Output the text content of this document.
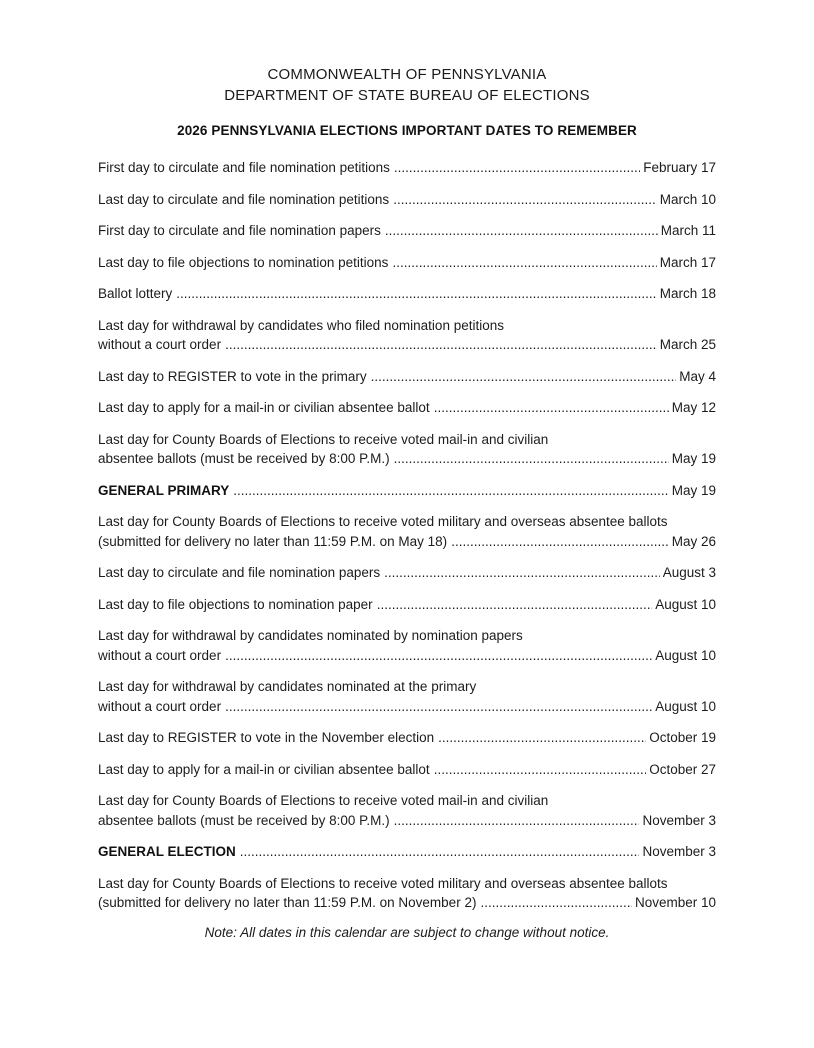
COMMONWEALTH OF PENNSYLVANIA
DEPARTMENT OF STATE BUREAU OF ELECTIONS
2026 PENNSYLVANIA ELECTIONS IMPORTANT DATES TO REMEMBER
First day to circulate and file nomination petitions .....	February 17
Last day to circulate and file nomination petitions .....	March 10
First day to circulate and file nomination papers .....	March 11
Last day to file objections to nomination petitions .....	March 17
Ballot lottery .....	March 18
Last day for withdrawal by candidates who filed nomination petitions
without a court order .....	March 25
Last day to REGISTER to vote in the primary .....	May 4
Last day to apply for a mail-in or civilian absentee ballot .....	May 12
Last day for County Boards of Elections to receive voted mail-in and civilian
absentee ballots (must be received by 8:00 P.M.) .....	May 19
GENERAL PRIMARY .....	May 19
Last day for County Boards of Elections to receive voted military and overseas absentee ballots
(submitted for delivery no later than 11:59 P.M. on May 18) .....	May 26
Last day to circulate and file nomination papers .....	August 3
Last day to file objections to nomination paper .....	August 10
Last day for withdrawal by candidates nominated by nomination papers
without a court order .....	August 10
Last day for withdrawal by candidates nominated at the primary
without a court order .....	August 10
Last day to REGISTER to vote in the November election .....	October 19
Last day to apply for a mail-in or civilian absentee ballot .....	October 27
Last day for County Boards of Elections to receive voted mail-in and civilian
absentee ballots (must be received by 8:00 P.M.) .....	November 3
GENERAL ELECTION .....	November 3
Last day for County Boards of Elections to receive voted military and overseas absentee ballots
(submitted for delivery no later than 11:59 P.M. on November 2) .....	November 10
Note: All dates in this calendar are subject to change without notice.
